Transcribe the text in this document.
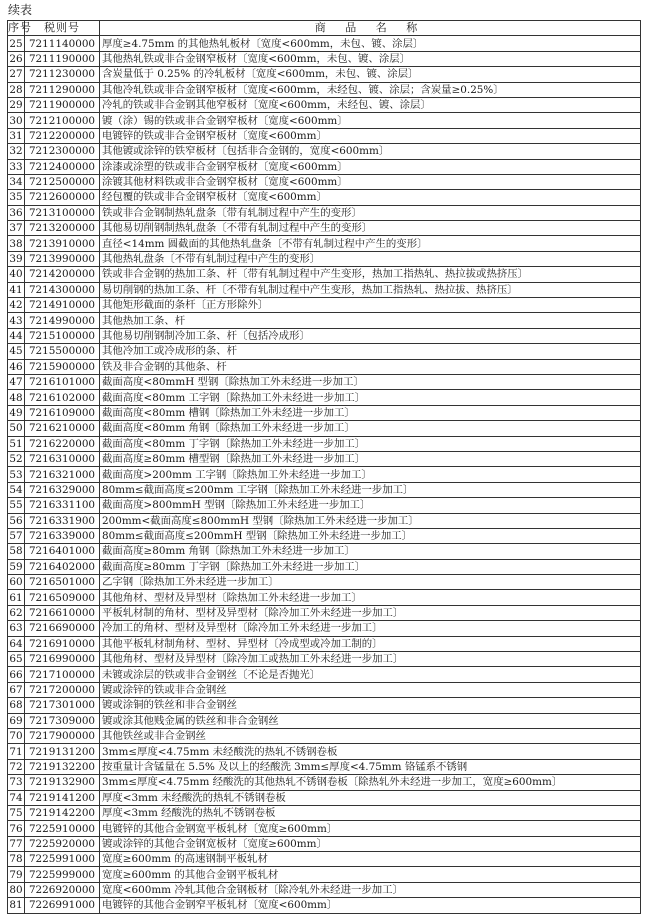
续表
序号	税则号	商 品 名 称
25	7211140000	厚度≥4.75mm 的其他热轧板材〔宽度<600mm，未包、镀、涂层〕
26	7211190000	其他热轧铁或非合金钢窄板材〔宽度<600mm，未包、镀、涂层〕
27	7211230000	含炭量低于 0.25% 的冷轧板材〔宽度<600mm，未包、镀、涂层〕
28	7211290000	其他冷轧铁或非合金钢窄板材〔宽度<600mm，未经包、镀、涂层；含炭量≥0.25%〕
29	7211900000	冷轧的铁或非合金钢其他窄板材〔宽度<600mm，未经包、镀、涂层〕
30	7212100000	镀（涂）锡的铁或非合金钢窄板材〔宽度<600mm〕
31	7212200000	电镀锌的铁或非合金钢窄板材〔宽度<600mm〕
32	7212300000	其他镀或涂锌的铁窄板材〔包括非合金钢的，宽度<600mm〕
33	7212400000	涂漆或涂塑的铁或非合金钢窄板材〔宽度<600mm〕
34	7212500000	涂镀其他材料铁或非合金钢窄板材〔宽度<600mm〕
35	7212600000	经包覆的铁或非合金钢窄板材〔宽度<600mm〕
36	7213100000	铁或非合金钢制热轧盘条〔带有轧制过程中产生的变形〕
37	7213200000	其他易切削钢制热轧盘条〔不带有轧制过程中产生的变形〕
38	7213910000	直径<14mm 圆截面的其他热轧盘条〔不带有轧制过程中产生的变形〕
39	7213990000	其他热轧盘条〔不带有轧制过程中产生的变形〕
40	7214200000	铁或非合金钢的热加工条、杆〔带有轧制过程中产生变形，热加工指热轧、热拉拔或热挤压〕
41	7214300000	易切削钢的热加工条、杆〔不带有轧制过程中产生变形，热加工指热轧、热拉拔、热挤压〕
42	7214910000	其他矩形截面的条杆〔正方形除外〕
43	7214990000	其他热加工条、杆
44	7215100000	其他易切削钢制冷加工条、杆〔包括冷成形〕
45	7215500000	其他冷加工或冷成形的条、杆
46	7215900000	铁及非合金钢的其他条、杆
47	7216101000	截面高度<80mmH 型钢〔除热加工外未经进一步加工〕
48	7216102000	截面高度<80mm 工字钢〔除热加工外未经进一步加工〕
49	7216109000	截面高度<80mm 槽钢〔除热加工外未经进一步加工〕
50	7216210000	截面高度<80mm 角钢〔除热加工外未经进一步加工〕
51	7216220000	截面高度<80mm 丁字钢〔除热加工外未经进一步加工〕
52	7216310000	截面高度≥80mm 槽型钢〔除热加工外未经进一步加工〕
53	7216321000	截面高度>200mm 工字钢〔除热加工外未经进一步加工〕
54	7216329000	80mm≤截面高度≤200mm 工字钢〔除热加工外未经进一步加工〕
55	7216331100	截面高度>800mmH 型钢〔除热加工外未经进一步加工〕
56	7216331900	200mm<截面高度≤800mmH 型钢〔除热加工外未经进一步加工〕
57	7216339000	80mm≤截面高度≤200mmH 型钢〔除热加工外未经进一步加工〕
58	7216401000	截面高度≥80mm 角钢〔除热加工外未经进一步加工〕
59	7216402000	截面高度≥80mm 丁字钢〔除热加工外未经进一步加工〕
60	7216501000	乙字钢〔除热加工外未经进一步加工〕
61	7216509000	其他角材、型材及异型材〔除热加工外未经进一步加工〕
62	7216610000	平板轧材制的角材、型材及异型材〔除冷加工外未经进一步加工〕
63	7216690000	冷加工的角材、型材及异型材〔除冷加工外未经进一步加工〕
64	7216910000	其他平板轧材制角材、型材、异型材〔冷成型或冷加工制的〕
65	7216990000	其他角材、型材及异型材〔除冷加工或热加工外未经进一步加工〕
66	7217100000	未镀或涂层的铁或非合金钢丝〔不论是否抛光〕
67	7217200000	镀或涂锌的铁或非合金钢丝
68	7217301000	镀或涂铜的铁丝和非合金钢丝
69	7217309000	镀或涂其他贱金属的铁丝和非合金钢丝
70	7217900000	其他铁丝或非合金钢丝
71	7219131200	3mm≤厚度<4.75mm 未经酸洗的热轧不锈钢卷板
72	7219132200	按重量计含锰量在 5.5% 及以上的经酸洗 3mm≤厚度<4.75mm 铬锰系不锈钢
73	7219132900	3mm≤厚度<4.75mm 经酸洗的其他热轧不锈钢卷板〔除热轧外未经进一步加工，宽度≥600mm〕
74	7219141200	厚度<3mm 未经酸洗的热轧不锈钢卷板
75	7219142200	厚度<3mm 经酸洗的热轧不锈钢卷板
76	7225910000	电镀锌的其他合金钢宽平板轧材〔宽度≥600mm〕
77	7225920000	镀或涂锌的其他合金钢宽板材〔宽度≥600mm〕
78	7225991000	宽度≥600mm 的高速钢制平板轧材
79	7225999000	宽度≥600mm 的其他合金钢平板轧材
80	7226920000	宽度<600mm 冷轧其他合金钢板材〔除冷轧外未经进一步加工〕
81	7226991000	电镀锌的其他合金钢窄平板轧材〔宽度<600mm〕
